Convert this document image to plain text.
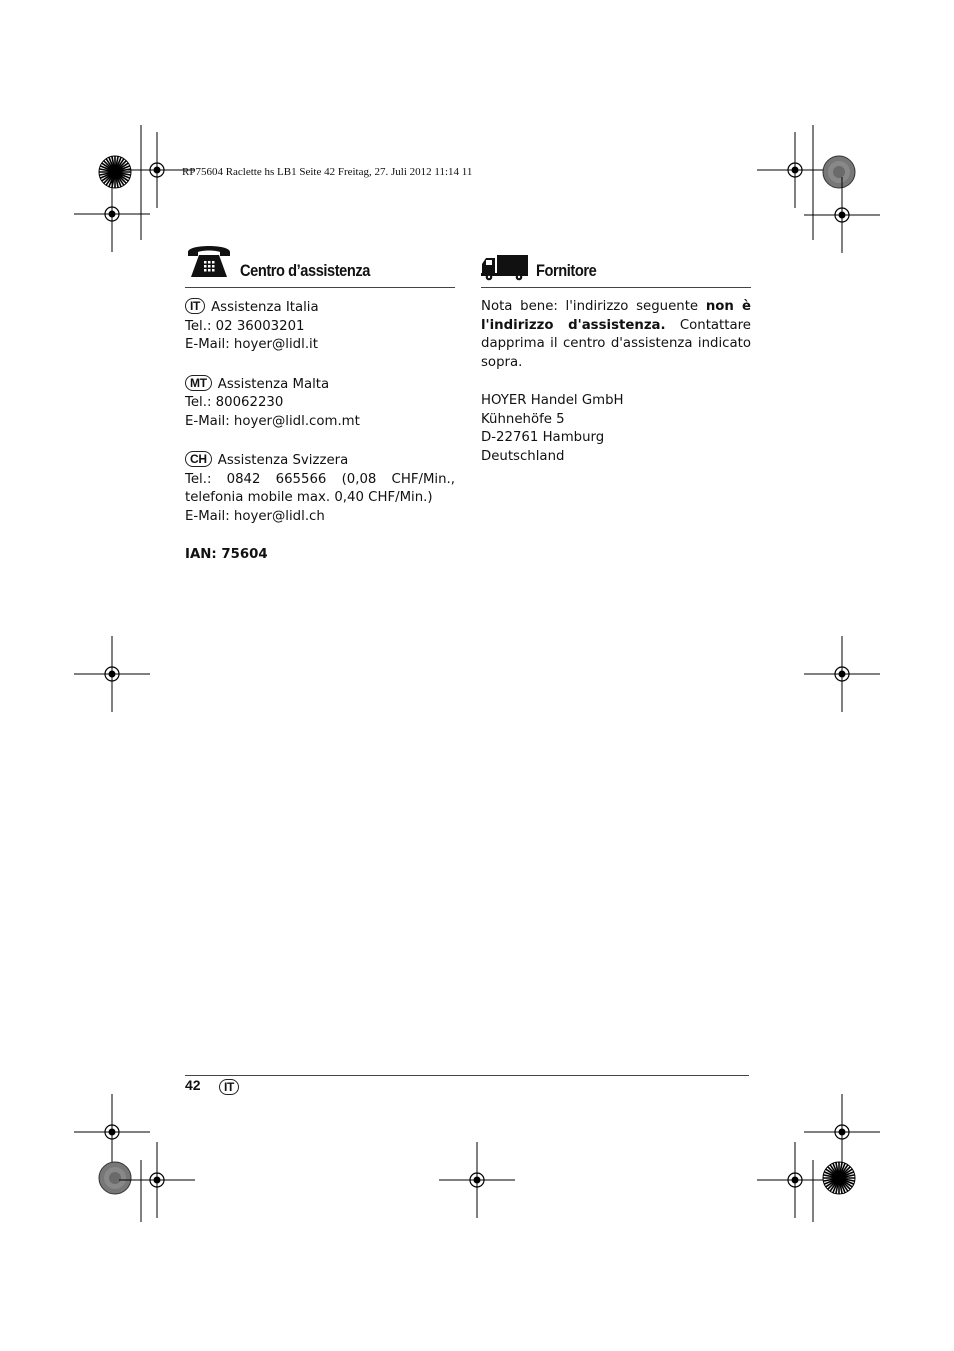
RP75604 Raclette hs LB1 Seite 42 Freitag, 27. Juli 2012 11:14 11
Centro d’assistenza
IT Assistenza Italia
Tel.: 02 36003201
E-Mail: hoyer@lidl.it
MT Assistenza Malta
Tel.: 80062230
E-Mail: hoyer@lidl.com.mt
CH Assistenza Svizzera
Tel.: 0842 665566 (0,08 CHF/Min.,
telefonia mobile max. 0,40 CHF/Min.)
E-Mail: hoyer@lidl.ch
IAN: 75604
Fornitore
Nota bene: l'indirizzo seguente non è l'indirizzo d'assistenza. Contattare dapprima il centro d'assistenza indicato sopra.
HOYER Handel GmbH
Kühnehöfe 5
D-22761 Hamburg
Deutschland
42	IT
